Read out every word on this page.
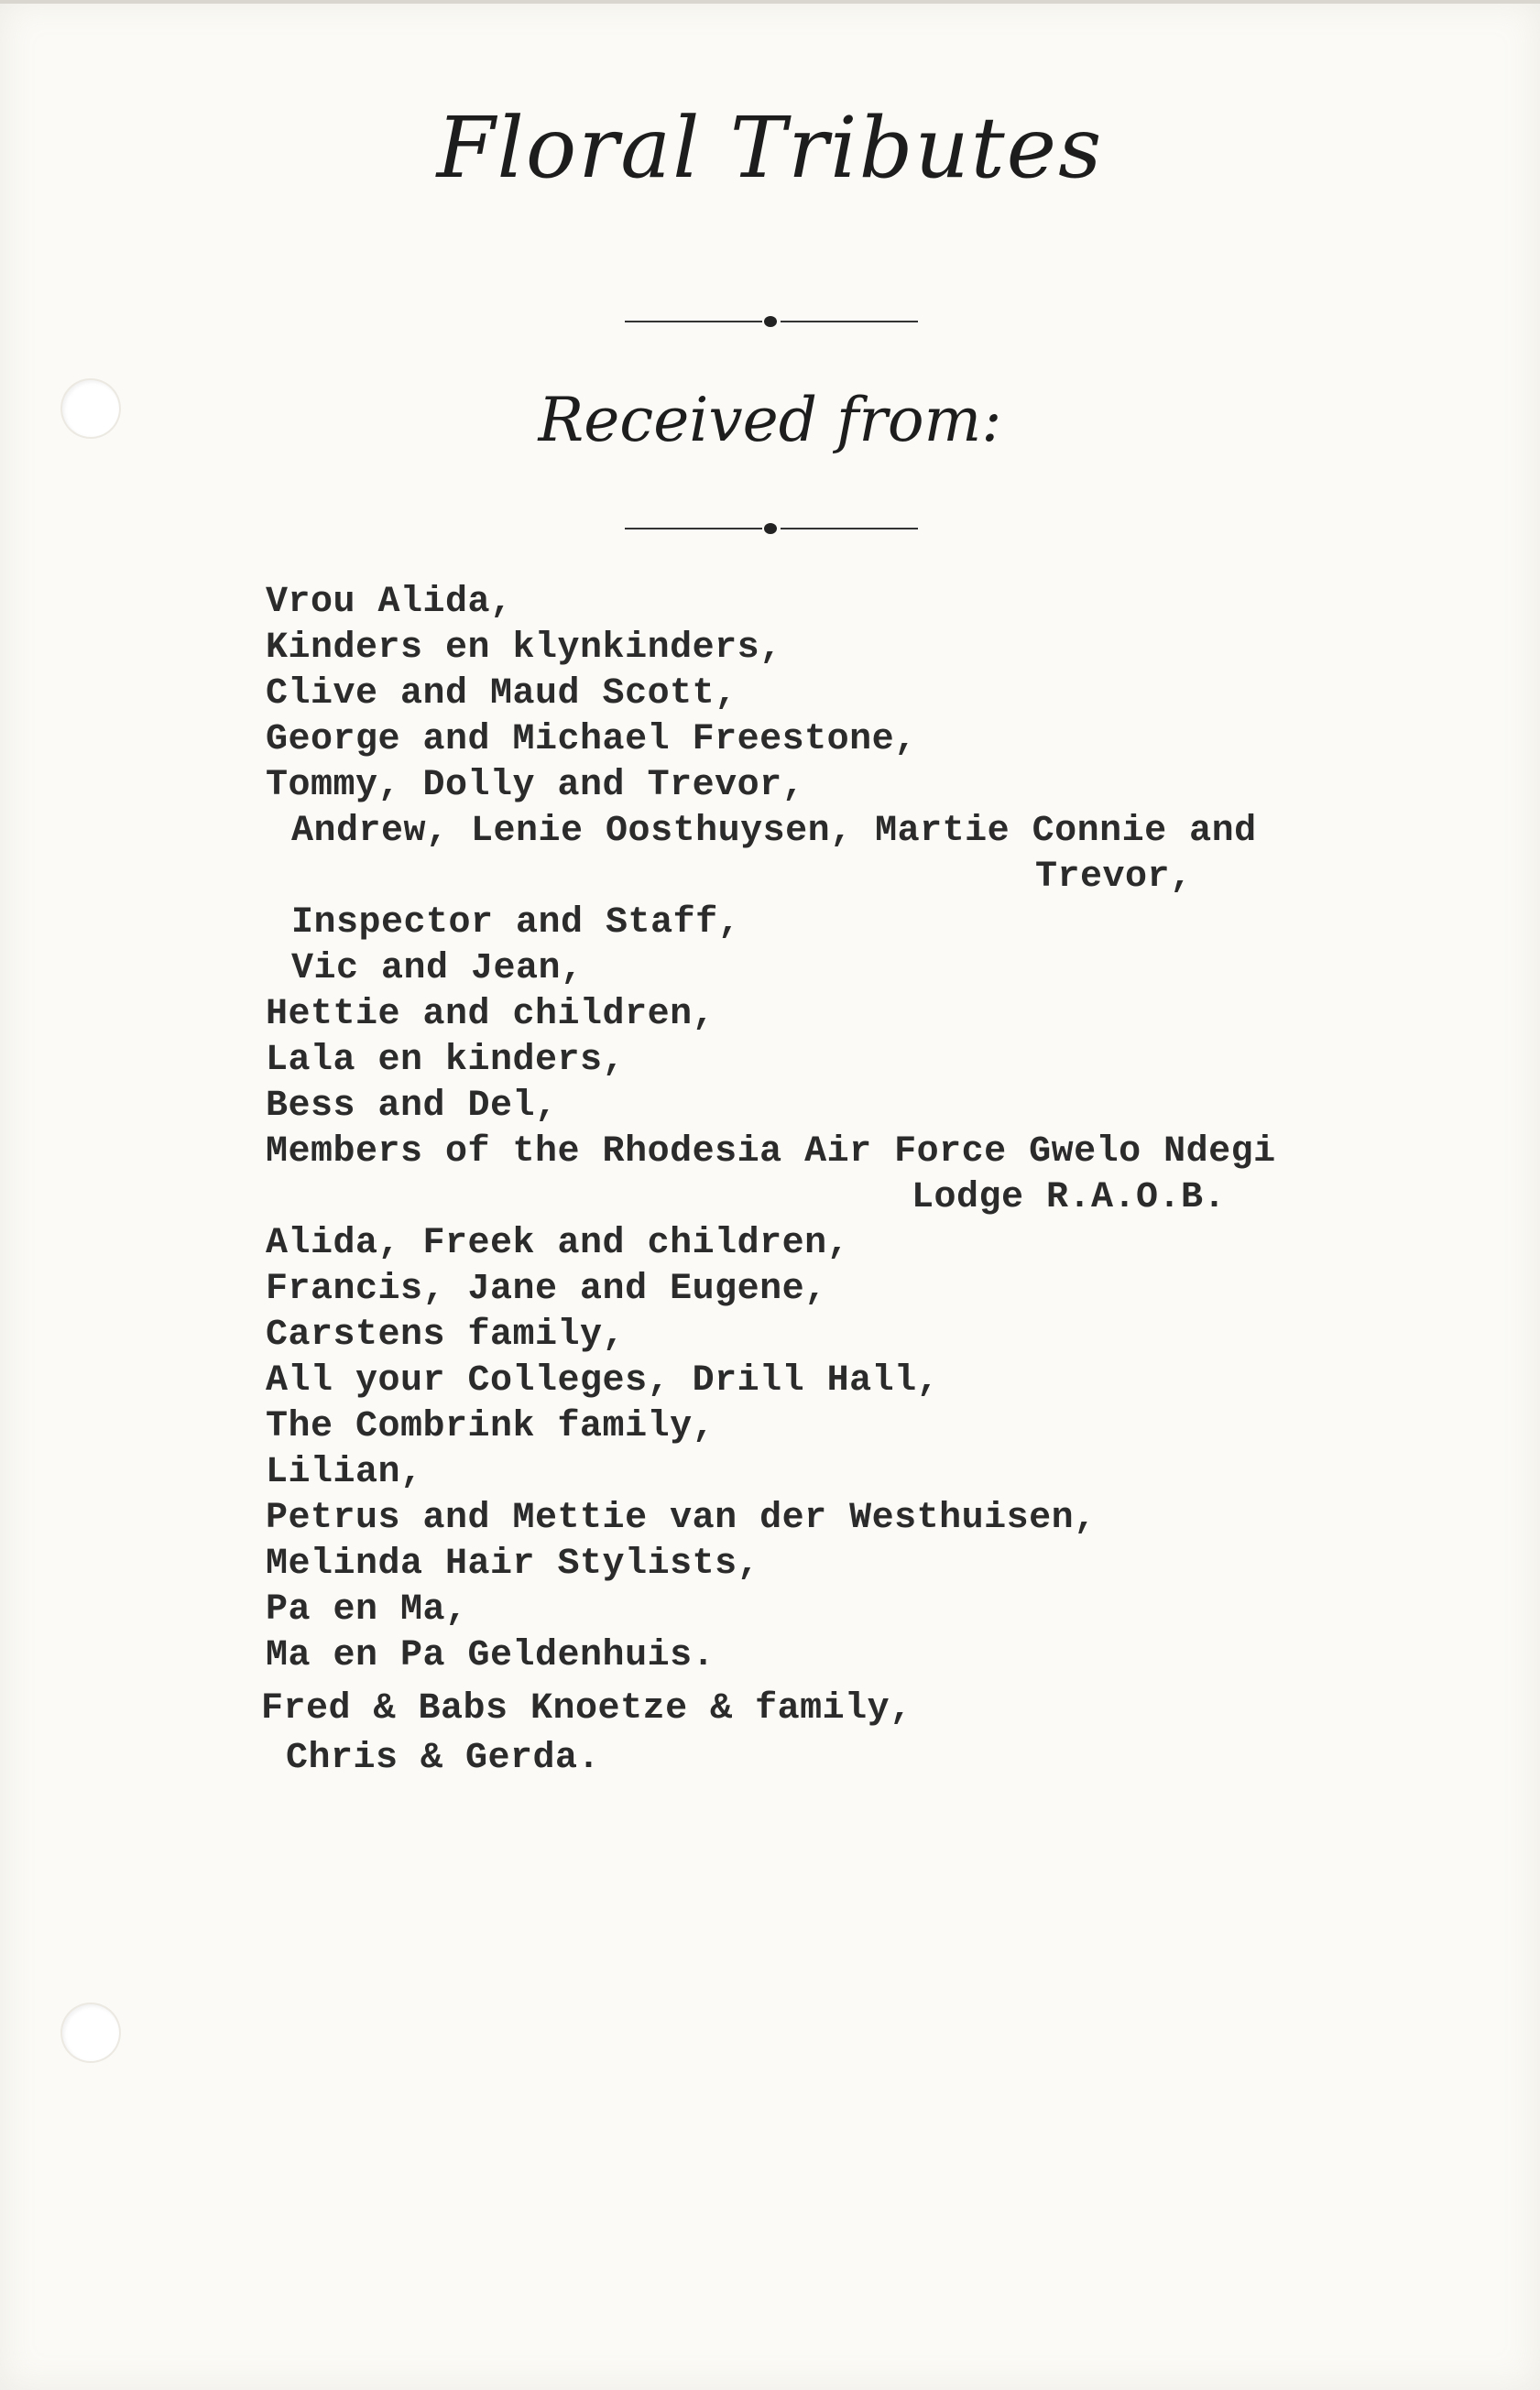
Floral Tributes
Received from:

Vrou Alida,

Kinders en klynkinders,

Clive and Maud Scott,

George and Michael Freestone,

Tommy, Dolly and Trevor,

Andrew, Lenie Oosthuysen, Martie Connie and

Trevor,

Inspector and Staff,

Vic and Jean,

Hettie and children,

Lala en kinders,

Bess and Del,

Members of the Rhodesia Air Force Gwelo Ndegi

Lodge R.A.O.B.

Alida, Freek and children,

Francis, Jane and Eugene,

Carstens family,

All your Colleges, Drill Hall,

The Combrink family,

Lilian,

Petrus and Mettie van der Westhuisen,

Melinda Hair Stylists,

Pa en Ma,

Ma en Pa Geldenhuis.

Fred & Babs Knoetze & family,

Chris & Gerda.
